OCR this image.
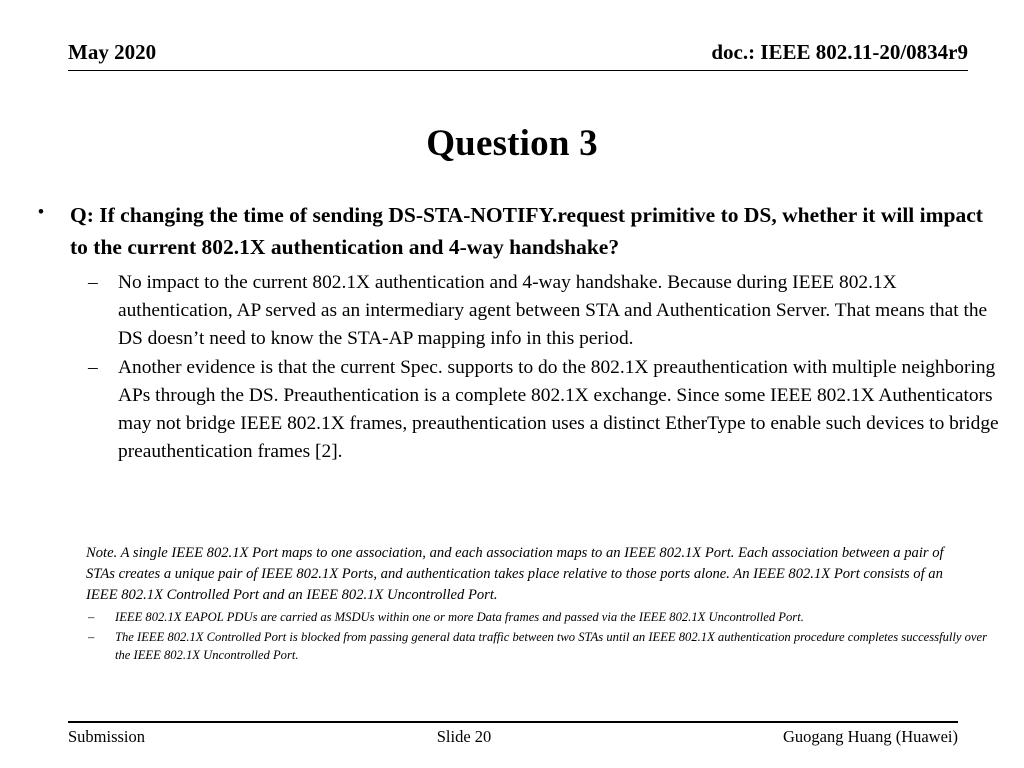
May 2020	doc.: IEEE 802.11-20/0834r9
Question 3
• Q: If changing the time of sending DS-STA-NOTIFY.request primitive to DS, whether it will impact to the current 802.1X authentication and 4-way handshake?
– No impact to the current 802.1X authentication and 4-way handshake. Because during IEEE 802.1X authentication, AP served as an intermediary agent between STA and Authentication Server. That means that the DS doesn’t need to know the STA-AP mapping info in this period.
– Another evidence is that the current Spec. supports to do the 802.1X preauthentication with multiple neighboring APs through the DS. Preauthentication is a complete 802.1X exchange. Since some IEEE 802.1X Authenticators may not bridge IEEE 802.1X frames, preauthentication uses a distinct EtherType to enable such devices to bridge preauthentication frames [2].
Note. A single IEEE 802.1X Port maps to one association, and each association maps to an IEEE 802.1X Port. Each association between a pair of STAs creates a unique pair of IEEE 802.1X Ports, and authentication takes place relative to those ports alone. An IEEE 802.1X Port consists of an IEEE 802.1X Controlled Port and an IEEE 802.1X Uncontrolled Port.
– IEEE 802.1X EAPOL PDUs are carried as MSDUs within one or more Data frames and passed via the IEEE 802.1X Uncontrolled Port.
– The IEEE 802.1X Controlled Port is blocked from passing general data traffic between two STAs until an IEEE 802.1X authentication procedure completes successfully over the IEEE 802.1X Uncontrolled Port.
Submission	Slide 20	Guogang Huang (Huawei)
